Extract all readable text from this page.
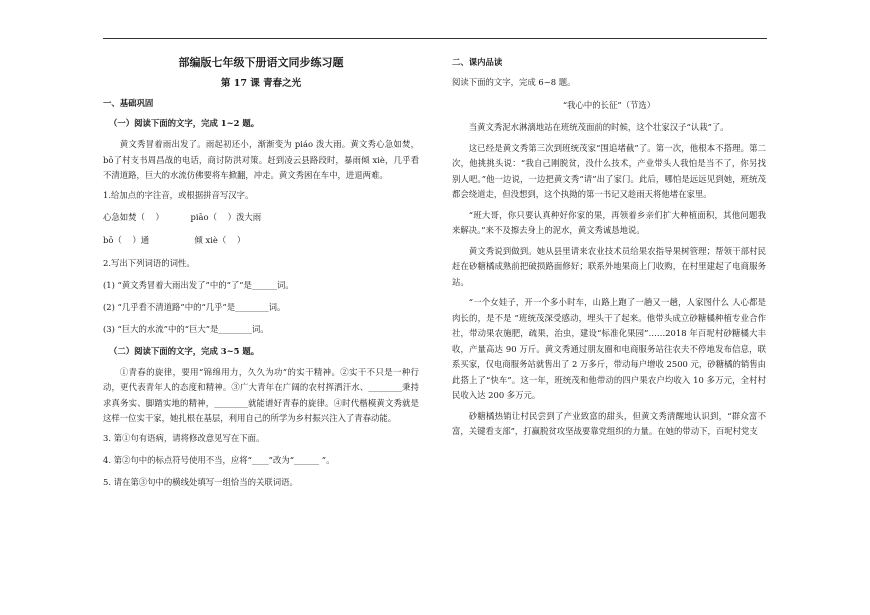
部编版七年级下册语文同步练习题

第 17 课 青春之光

一、基础巩固

（一）阅读下面的文字，完成 1~2 题。

黄文秀冒着雨出发了。雨起初还小，渐渐变为 piáo 泼大雨。黄文秀心急如焚，bō了村支书周昌战的电话，商讨防洪对策。赶到凌云县路段时，暴雨倾 xiè，几乎看不清道路，巨大的水流仿佛要将车掀翻，冲走。黄文秀困在车中，进退两难。

1.给加点的字注音，或根据拼音写汉字。

心急如焚（    ）          piāo（    ）泼大雨

bō（    ）通                 倾 xiè（    ）

2.写出下列词语的词性。

(1) “黄文秀冒着大雨出发了”中的“了”是______词。

(2) “几乎看不清道路”中的“几乎”是________词。

(3) “巨大的水流”中的“巨大”是________词。

（二）阅读下面的文字，完成 3~5 题。

①青春的旋律，要用“锦绵用力，久久为功”的实干精神。②实干不只是一种行动，更代表青年人的态度和精神。③广大青年在广阔的农村挥洒汗水、________秉持求真务实、脚踏实地的精神，________就能谱好青春的旋律。④时代楷模黄文秀就是这样一位实干家，她扎根在基层，利用自己的所学为乡村振兴注入了青春动能。

3. 第①句有语病，请将修改意见写在下面。

4. 第②句中的标点符号使用不当，应将“____”改为“______ ”。

5. 请在第③句中的横线处填写一组恰当的关联词语。

二、课内品读

阅读下面的文字，完成 6~8 题。

“我心中的长征”（节选）

当黄文秀泥水淋漓地站在班统茂面前的时候，这个壮家汉子“认栽”了。

这已经是黄文秀第三次到班统茂家“围追堵截”了。第一次，他根本不搭理。第二次，他挑挑头说：“我自己刚脱贫，没什么技术，产业带头人我怕是当不了，你另找别人吧。”他一边说，一边把黄文秀“请”出了家门。此后，哪怕是远远见到她，班统茂都会绕道走，但没想到，这个执拗的第一书记又趁雨天将他堵在家里。

“班大哥，你只要认真种好你家的果，再领着乡亲们扩大种植面积，其他问题我来解决。”来不及擦去身上的泥水，黄文秀诚恳地说。

黄文秀说到做到。她从县里请来农业技术员给果农指导果树管理；帮领干部村民赶在砂糖橘成熟前把破损路面修好；联系外地果商上门收购，在村里建起了电商服务站。

“一个女娃子，开一个多小时车，山路上跑了一趟又一趟，人家图什么 人心都是肉长的，是不是 ”班统茂深受感动，埋头干了起来。他带头成立砂糖橘种植专业合作社，带动果农施肥，疏果，治虫，建设“标准化果园”……2018 年百坭村砂糖橘大丰收，产量高达 90 万斤。黄文秀通过朋友圈和电商服务站往农夫不停地发布信息，联系买家，仅电商服务站就售出了 2 万多斤，带动每户增收 2500 元，砂糖橘的销售由此搭上了“快车”。这一年，班统茂和他带动的四户果农户均收入 10 多万元，全村村民收入达 200 多万元。

砂糖橘热销让村民尝到了产业致富的甜头，但黄文秀清醒地认识到，“群众富不富，关键看支部”，打赢脱贫攻坚战要靠党组织的力量。在她的带动下，百坭村党支
